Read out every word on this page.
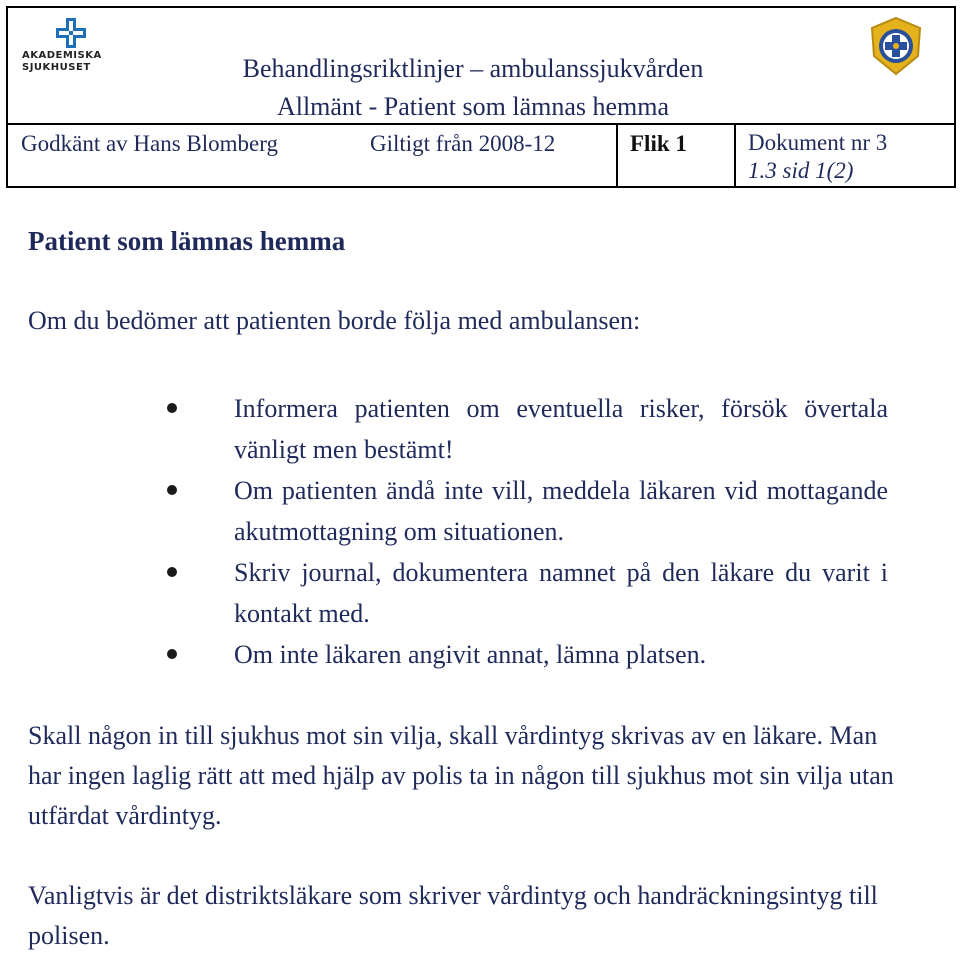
AKADEMISKA
SJUKHUSET	Behandlingsriktlinjer – ambulanssjukvården
Allmänt - Patient som lämnas hemma
Godkänt av Hans Blomberg	Giltigt från 2008-12	Flik 1	Dokument nr 3
1.3 sid 1(2)
Patient som lämnas hemma
Om du bedömer att patienten borde följa med ambulansen:
Informera patienten om eventuella risker, försök övertala vänligt men bestämt!
Om patienten ändå inte vill, meddela läkaren vid mottagande akutmottagning om situationen.
Skriv journal, dokumentera namnet på den läkare du varit i kontakt med.
Om inte läkaren angivit annat, lämna platsen.
Skall någon in till sjukhus mot sin vilja, skall vårdintyg skrivas av en läkare. Man har ingen laglig rätt att med hjälp av polis ta in någon till sjukhus mot sin vilja utan utfärdat vårdintyg.
Vanligtvis är det distriktsläkare som skriver vårdintyg och handräckningsintyg till polisen.
